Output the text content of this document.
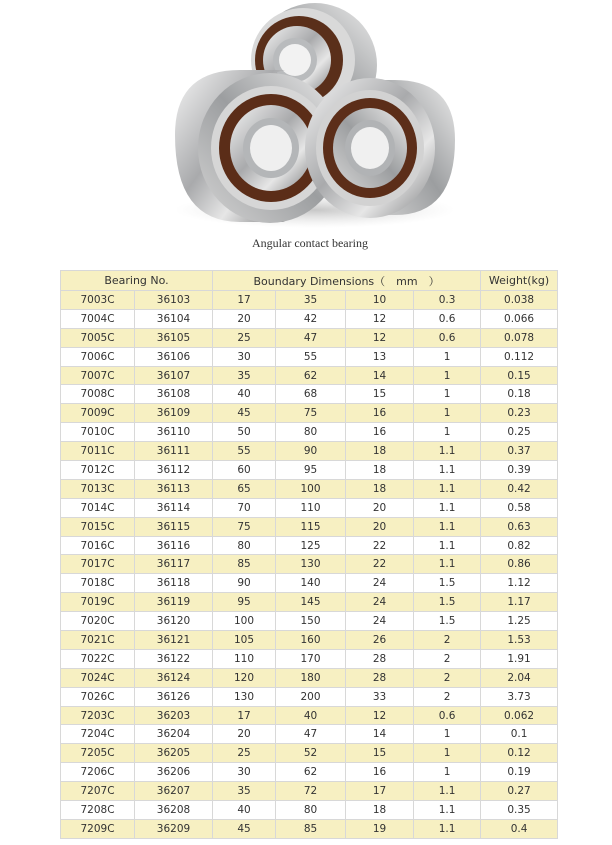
Angular contact bearing
Bearing No.		Boundary Dimensions（　mm　）				Weight(kg)
7003C	36103	17	35	10	0.3	0.038
7004C	36104	20	42	12	0.6	0.066
7005C	36105	25	47	12	0.6	0.078
7006C	36106	30	55	13	1	0.112
7007C	36107	35	62	14	1	0.15
7008C	36108	40	68	15	1	0.18
7009C	36109	45	75	16	1	0.23
7010C	36110	50	80	16	1	0.25
7011C	36111	55	90	18	1.1	0.37
7012C	36112	60	95	18	1.1	0.39
7013C	36113	65	100	18	1.1	0.42
7014C	36114	70	110	20	1.1	0.58
7015C	36115	75	115	20	1.1	0.63
7016C	36116	80	125	22	1.1	0.82
7017C	36117	85	130	22	1.1	0.86
7018C	36118	90	140	24	1.5	1.12
7019C	36119	95	145	24	1.5	1.17
7020C	36120	100	150	24	1.5	1.25
7021C	36121	105	160	26	2	1.53
7022C	36122	110	170	28	2	1.91
7024C	36124	120	180	28	2	2.04
7026C	36126	130	200	33	2	3.73
7203C	36203	17	40	12	0.6	0.062
7204C	36204	20	47	14	1	0.1
7205C	36205	25	52	15	1	0.12
7206C	36206	30	62	16	1	0.19
7207C	36207	35	72	17	1.1	0.27
7208C	36208	40	80	18	1.1	0.35
7209C	36209	45	85	19	1.1	0.4
